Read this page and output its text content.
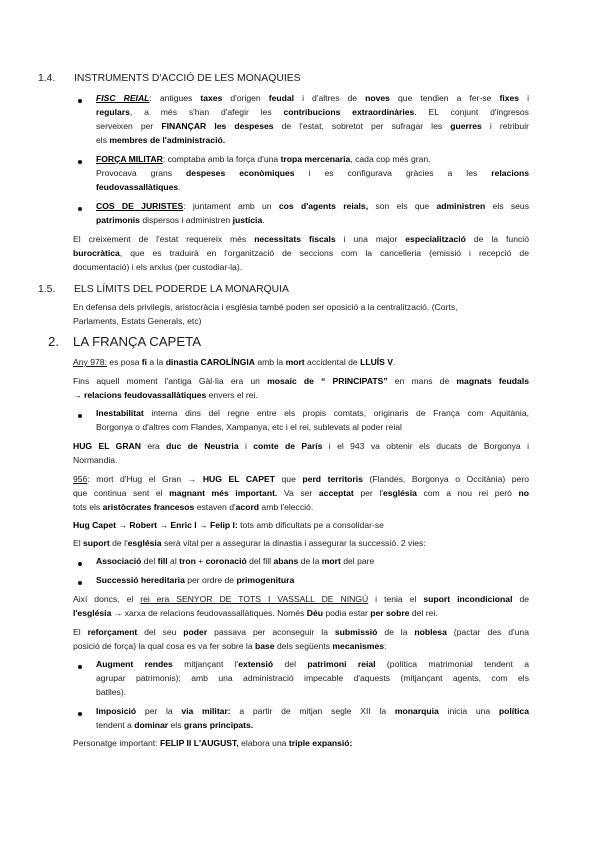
1.4. INSTRUMENTS D'ACCIÓ DE LES MONAQUIES
FISC REIAL: antigues taxes d'origen feudal i d'altres de noves que tendien a fer-se fixes i
regulars, a més s'han d'afegir les contribucions extraordinàries. EL conjunt d'ingresos
serveixen per FINANÇAR les despeses de l'estat, sobretot per sufragar les guerres i retribuir
els membres de l'administració.
FORÇA MILITAR: comptaba amb la força d'una tropa mercenaria, cada cop més gran.
Provocava grans despeses econòmiques i es configurava gràcies a les relacions
feudovassallàtiques.
COS DE JURISTES: juntament amb un cos d'agents reials, son els que administren els seus
patrimonis dispersos i administren justícia.
El creixement de l'estat requereix més necessitats fiscals i una major especialització de la funció
burocràtica, que es traduirà en l'organització de seccions com la cancelleria (emissió i recepció de
documentació) i els arxius (per custodiar-la).
1.5. ELS LÍMITS DEL PODERDE LA MONARQUIA
En defensa dels privilegis, aristocràcia i església també poden ser oposició a la centralització. (Corts,
Parlaments, Estats Generals, etc)
2. LA FRANÇA CAPETA
Any 978: es posa fi a la dinastia CAROLÍNGIA amb la mort accidental de LLUÍS V.
Fins aquell moment l'antiga Gàl·lia era un mosaic de “ PRINCIPATS” en mans de magnats feudals
→ relacions feudovassallàtiques envers el rei.
Inestabilitat interna dins del regne entre els propis comtats, originaris de França com Aquitània,
Borgonya o d'altres com Flandes, Xampanya, etc i el rei, sublevats al poder reial
HUG EL GRAN era duc de Neustria i comte de París i el 943 va obtenir els ducats de Borgonya i
Normandia.
956: mort d'Hug el Gran → HUG EL CAPET que perd territoris (Flandes, Borgonya o Occitània) pero
que continua sent el magnant més important. Va ser acceptat per l'església com a nou rei però no
tots els aristòcrates francesos estaven d'acord amb l'elecció.
Hug Capet → Robert → Enric I → Felip I: tots amb dificultats pe a consolidar-se
El suport de l'església serà vital per a assegurar la dinastia i assegurar la successió. 2 vies:
Associació del fill al tron + coronació del fill abans de la mort del pare
Successió hereditaria per ordre de primogenitura
Així doncs, el rei era SENYOR DE TOTS I VASSALL DE NINGÚ i tenia el suport incondicional de
l'església → xarxa de relacions feudovassallàtiques. Només Déu podia estar per sobre del rei.
El reforçament del seu poder passava per aconseguir la submissió de la noblesa (pactar des d'una
posició de força) la qual cosa es va fer sobre la base dels següents mecanismes:
Augment rendes mitjançant l'extensió del patrimoni reial (política matrimonial tendent a
agrupar patrimonis); amb una administració impecable d'aquests (mitjançant agents, com els
batlles).
Imposició per la via militar: a partir de mitjan segle XII la monarquia inicia una política
tendent a dominar els grans principats.
Personatge important: FELIP II L'AUGUST, elabora una triple expansió:
